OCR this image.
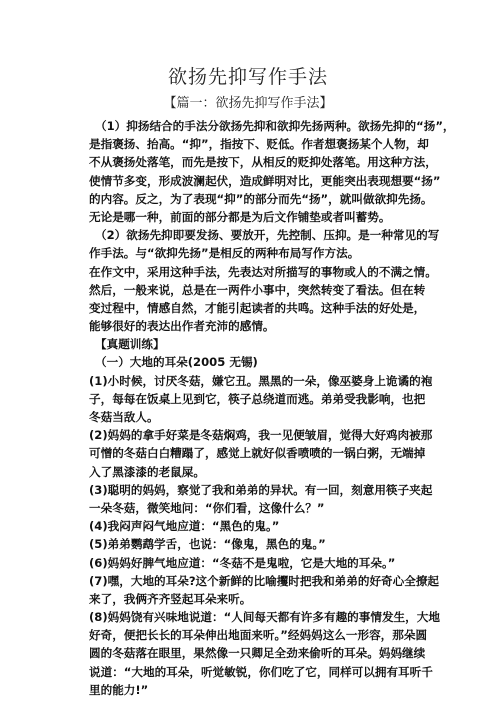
欲扬先抑写作手法
【篇一：欲扬先抑写作手法】
（1）抑扬结合的手法分欲扬先抑和欲抑先扬两种。欲扬先抑的“扬”，
是指褒扬、抬高。“抑”，指按下、贬低。作者想褒扬某个人物，却
不从褒扬处落笔，而先是按下，从相反的贬抑处落笔。用这种方法，
使情节多变，形成波澜起伏，造成鲜明对比，更能突出表现想要“扬”
的内容。反之，为了表现“抑”的部分而先“扬”，就叫做欲抑先扬。
无论是哪一种，前面的部分都是为后文作铺垫或者叫蓄势。
（2）欲扬先抑即要发扬、要放开，先控制、压抑。是一种常见的写
作手法。与“欲抑先扬”是相反的两种布局写作方法。
在作文中，采用这种手法，先表达对所描写的事物或人的不满之情。
然后，一般来说，总是在一两件小事中，突然转变了看法。但在转
变过程中，情感自然，才能引起读者的共鸣。这种手法的好处是，
能够很好的表达出作者充沛的感情。
【真题训练】
（一）大地的耳朵(2005 无锡)
(1)小时候，讨厌冬菇，嫌它丑。黑黑的一朵，像巫婆身上诡谲的袍
子，每每在饭桌上见到它，筷子总绕道而逃。弟弟受我影响，也把
冬菇当敌人。
(2)妈妈的拿手好菜是冬菇焖鸡，我一见便皱眉，觉得大好鸡肉被那
可憎的冬菇白白糟蹋了，感觉上就好似香喷喷的一锅白粥，无端掉
入了黑漆漆的老鼠屎。
(3)聪明的妈妈，察觉了我和弟弟的异状。有一回，刻意用筷子夹起
一朵冬菇，微笑地问：“你们看，这像什么？”
(4)我闷声闷气地应道：“黑色的鬼。”
(5)弟弟鹦鹉学舌，也说：“像鬼，黑色的鬼。”
(6)妈妈好脾气地应道：“冬菇不是鬼啦，它是大地的耳朵。”
(7)嘿，大地的耳朵?这个新鲜的比喻攫时把我和弟弟的好奇心全撩起
来了，我俩齐齐竖起耳朵来听。
(8)妈妈饶有兴味地说道：“人间每天都有许多有趣的事情发生，大地
好奇，便把长长的耳朵伸出地面来听。”经妈妈这么一形容，那朵圆
圆的冬菇落在眼里，果然像一只卿足全劲来偷听的耳朵。妈妈继续
说道：“大地的耳朵，听觉敏锐，你们吃了它，同样可以拥有耳听千
里的能力!”
